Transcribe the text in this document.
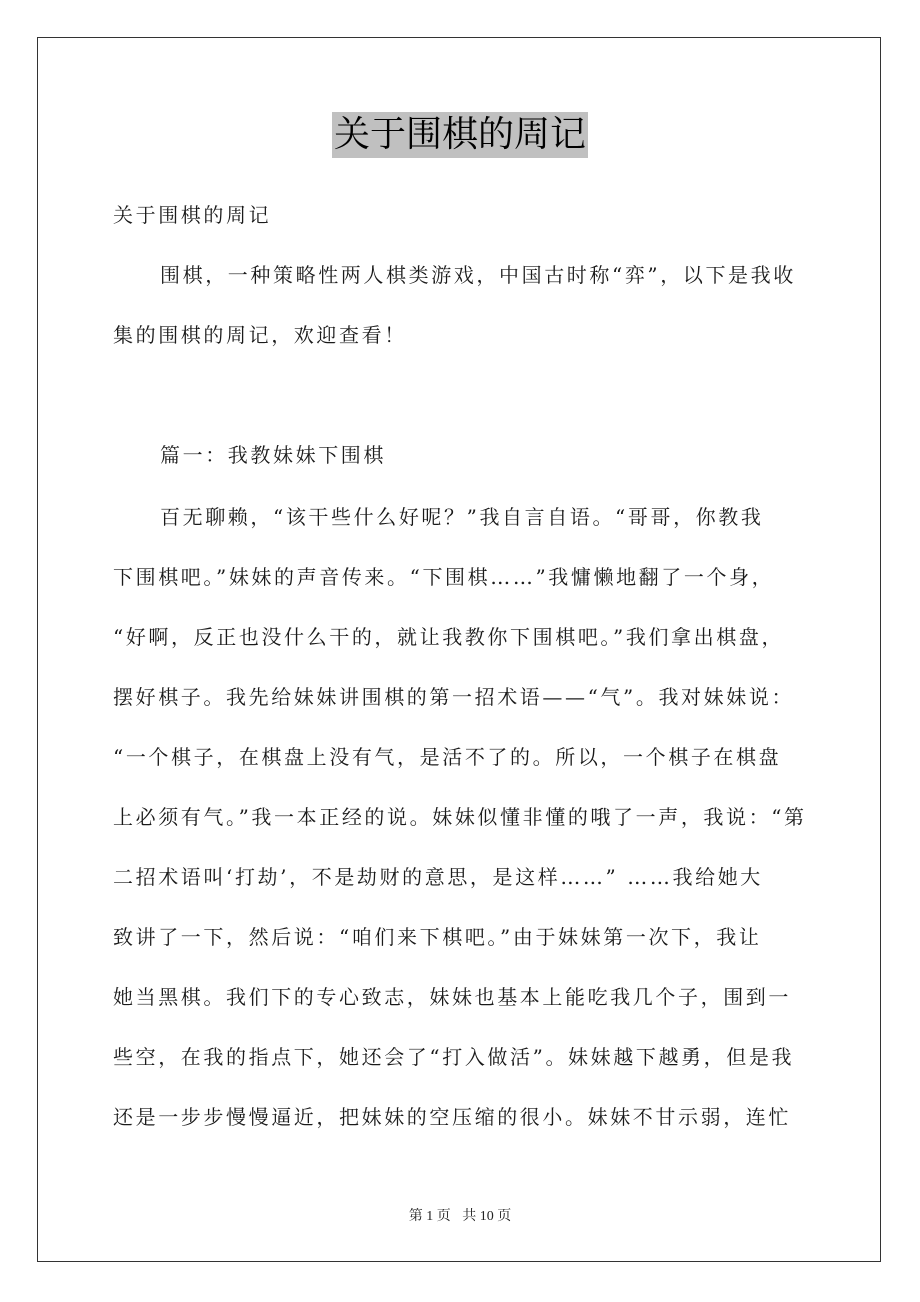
关于围棋的周记
关于围棋的周记
围棋，一种策略性两人棋类游戏，中国古时称“弈”，以下是我收
集的围棋的周记，欢迎查看！
篇一：我教妹妹下围棋
百无聊赖，“该干些什么好呢？”我自言自语。“哥哥，你教我
下围棋吧。”妹妹的声音传来。“下围棋……”我慵懒地翻了一个身，
“好啊，反正也没什么干的，就让我教你下围棋吧。”我们拿出棋盘，
摆好棋子。我先给妹妹讲围棋的第一招术语——“气”。我对妹妹说：
“一个棋子，在棋盘上没有气，是活不了的。所以，一个棋子在棋盘
上必须有气。”我一本正经的说。妹妹似懂非懂的哦了一声，我说：“第
二招术语叫‘打劫’，不是劫财的意思，是这样……” ……我给她大
致讲了一下，然后说：“咱们来下棋吧。”由于妹妹第一次下，我让
她当黑棋。我们下的专心致志，妹妹也基本上能吃我几个子，围到一
些空，在我的指点下，她还会了“打入做活”。妹妹越下越勇，但是我
还是一步步慢慢逼近，把妹妹的空压缩的很小。妹妹不甘示弱，连忙
第 1 页 共 10 页
